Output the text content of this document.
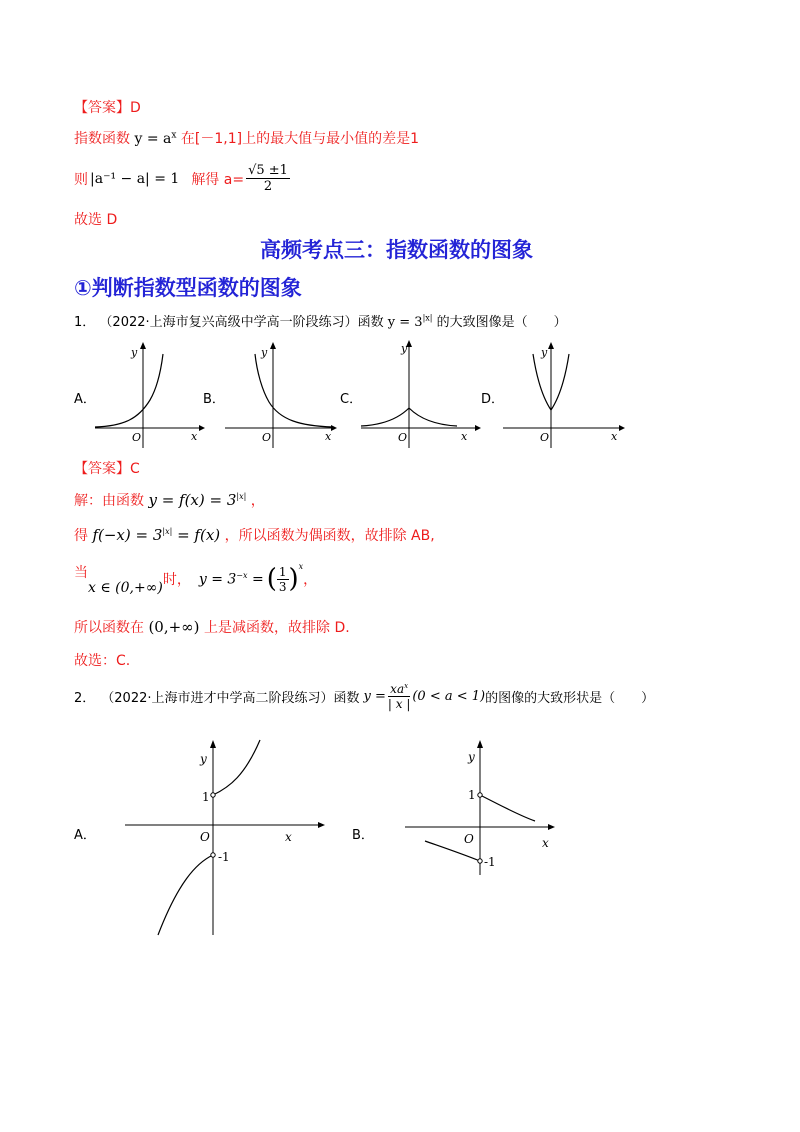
【答案】D
指数函数 $y = a^x$ 在[－1,1]上的最大值与最小值的差是1
则 |a⁻¹ − a| = 1 解得 $a= \frac{√5 \pm 1}{2}$
故选 D
高频考点三：指数函数的图象
①判断指数型函数的图象
1． （2022·上海市复兴高级中学高一阶段练习）函数 $y = 3^{|x|}$ 的大致图像是（　　）
A．
y
x
O
B．
y
x
O
C．
y
x
O
D．
y
x
O
【答案】C
解：由函数 $y = f(x) = 3^{|x|}$ ，
得 $f(-x) = 3^{|x|} = f(x)$ ，所以函数为偶函数，故排除 AB,
当
x ∈ (0,+∞) 时， $y = 3^{-x}$ = ( $\frac{1}{3} )^x$
，
所以函数在 (0,+∞) 上是减函数，故排除 D.
故选：C.
2． （2022·上海市进才中学高二阶段练习）函数 $y = xa^x$
| x | (0 < a < 1) 的图像的大致形状是（　　）
A．
y
x
O
1
-1
B．
y
x
O
1
-1
